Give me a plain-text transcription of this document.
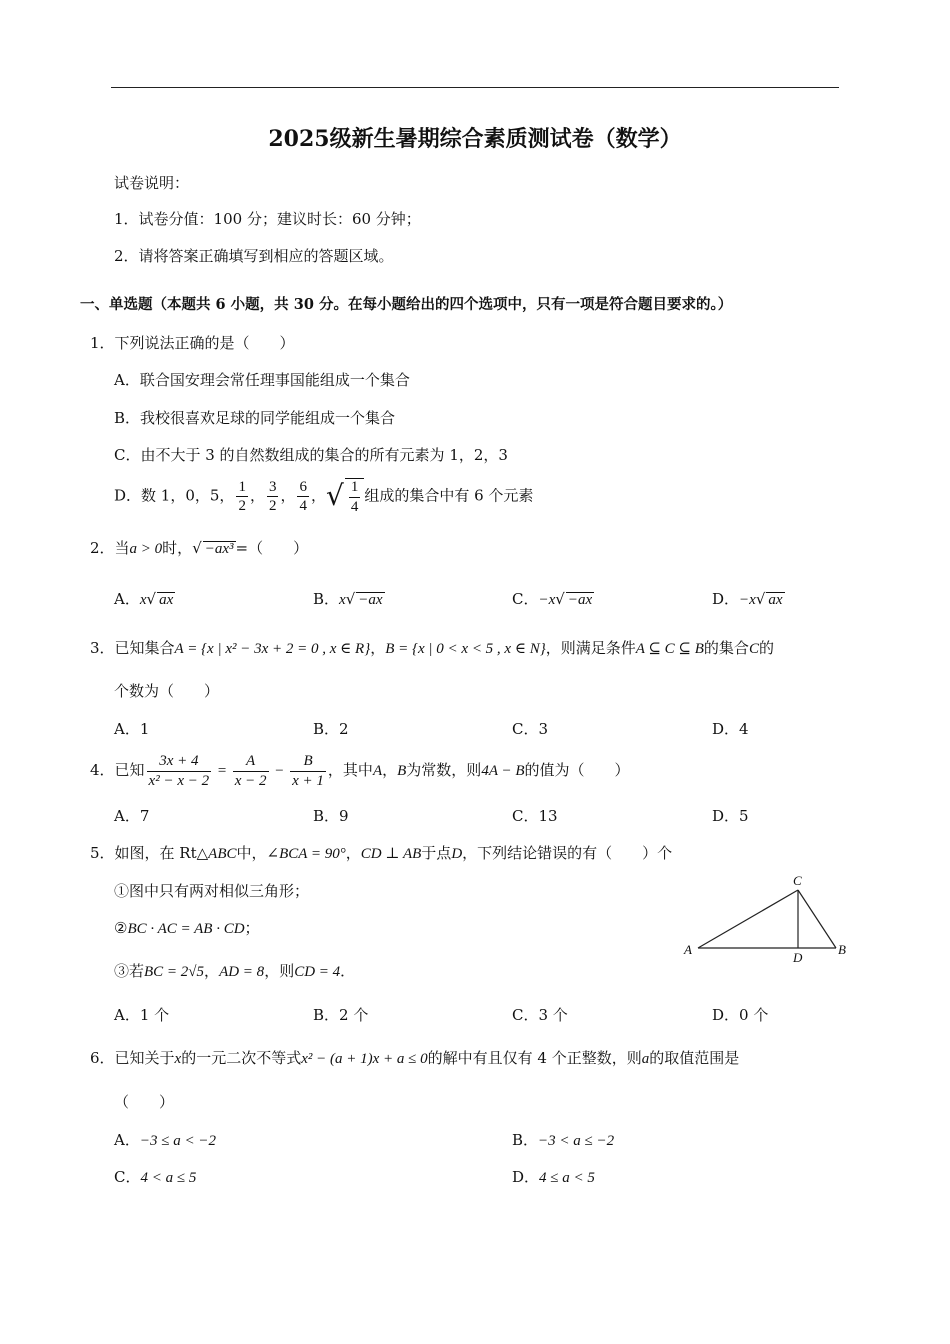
2025级新生暑期综合素质测试卷（数学）
试卷说明：
1．试卷分值：100 分；建议时长：60 分钟；
2．请将答案正确填写到相应的答题区域。
一、单选题（本题共 6 小题，共 30 分。在每小题给出的四个选项中，只有一项是符合题目要求的。）
1．下列说法正确的是（　　）
A．联合国安理会常任理事国能组成一个集合
B．我校很喜欢足球的同学能组成一个集合
C．由不大于 3 的自然数组成的集合的所有元素为 1，2，3
D．数 1，0，5， $\frac{1}{2}$ ， $\frac{3}{2}$ ， $\frac{6}{4}$ ，√ $\frac{1}{4}$ 组成的集合中有 6 个元素
2．当a > 0时，√ −ax³ =（　　）
A．x√ ax	B．x√ −ax	C．−x√ −ax	D．−x√ ax
3．已知集合A = {x | x² − 3x + 2 = 0 , x ∈ R}，B = {x | 0 < x < 5 , x ∈ N}，则满足条件A ⊆ C ⊆ B的集合C的
个数为（　　）
A．1	B．2	C．3	D．4
4．已知 $\frac{3x + 4}{\text{x² − x − 2}} = \frac{A}{x - 2} - \frac{B}{x + 1}$ ，其中A，B为常数，则4A − B的值为（　　）
A．7	B．9	C．13	D．5
5．如图，在 Rt△ABC中，∠BCA = 90°，CD ⊥ AB于点D，下列结论错误的有（　　）个
①图中只有两对相似三角形；
②BC · AC = AB · CD；
③若BC = 2√5，AD = 8，则CD = 4．
A
C
D
B
A．1 个	B．2 个	C．3 个	D．0 个
6．已知关于x的一元二次不等式x² − (a + 1)x + a ≤ 0的解中有且仅有 4 个正整数，则a的取值范围是
（　　）
A．−3 ≤ a < −2	B．−3 < a ≤ −2
C．4 < a ≤ 5	D．4 ≤ a < 5
